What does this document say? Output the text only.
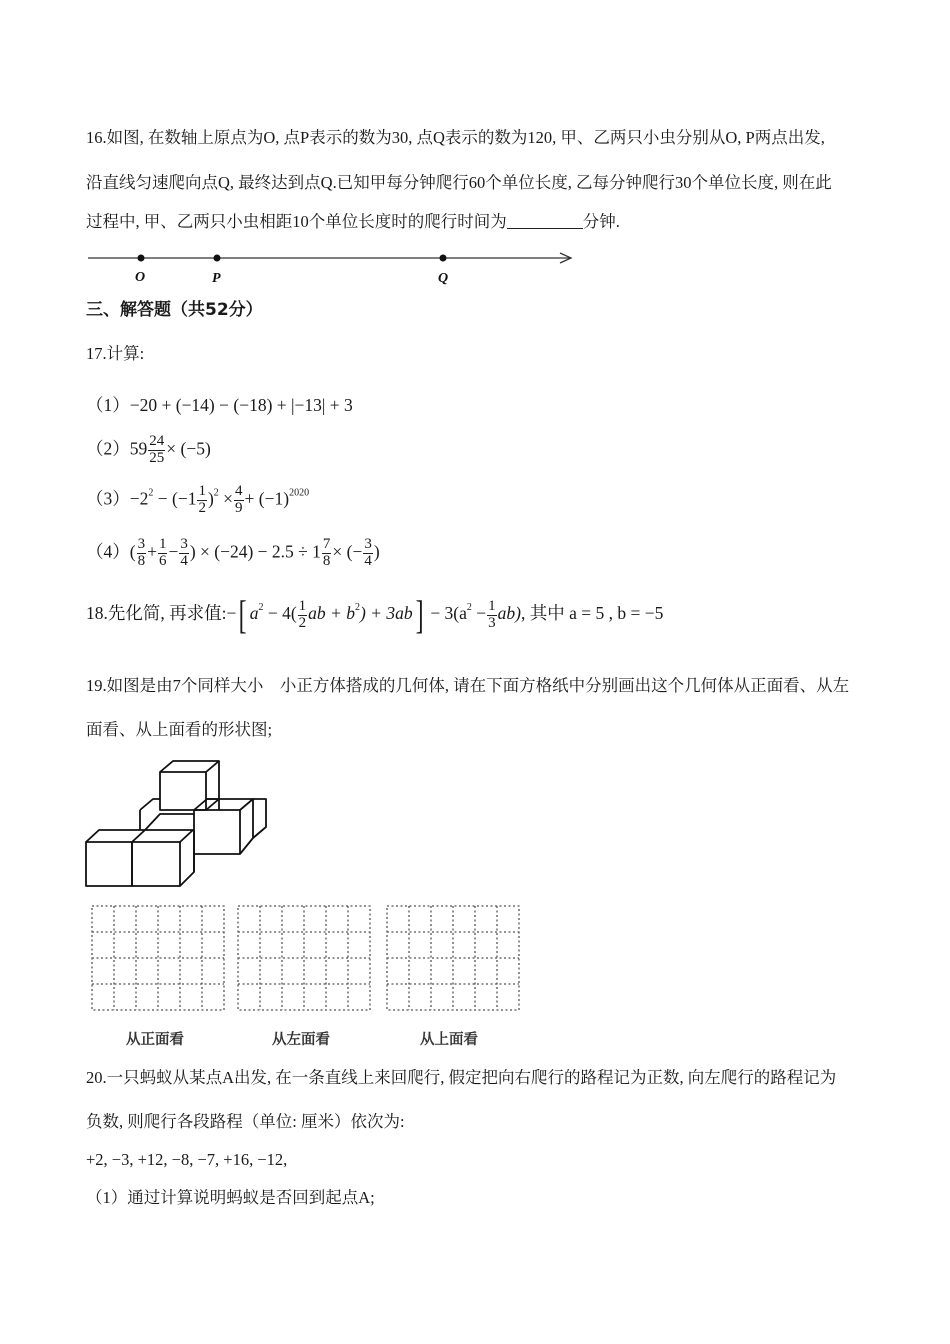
16.如图, 在数轴上原点为O, 点P表示的数为30, 点Q表示的数为120, 甲、乙两只小虫分别从O, P两点出发,
沿直线匀速爬向点Q, 最终达到点Q.已知甲每分钟爬行60个单位长度, 乙每分钟爬行30个单位长度, 则在此
过程中, 甲、乙两只小虫相距10个单位长度时的爬行时间为	分钟.
O	P	Q
三、解答题（共52分）
17.计算:
（1）−20 + (−14) − (−18) + |−13| + 3
$(2)59 \frac{24}{25} \times (-5)$
$(3)-2^2 - (-1 \frac{1}{2} )^2 \times \frac{4}{9} + (-1)^{2020}$
$(4)( \frac{3}{8} + \frac{1}{6} - \frac{3}{4}$ ) × $(-24) - 2.5 \div 1 \frac{7}{8}$ × (− $\frac{3}{4}$ )
18.先化简, 再求值:−[ $a^2 - 4( \frac{1}{2}$ ab + $b^2) + 3ab] - 3(a^2 - \frac{1}{3} ab)$, 其中 a = 5 , b = −5
19.如图是由7个同样大小　小正方体搭成的几何体, 请在下面方格纸中分别画出这个几何体从正面看、从左
面看、从上面看的形状图;
从正面看	从左面看	从上面看
20.一只蚂蚁从某点A出发, 在一条直线上来回爬行, 假定把向右爬行的路程记为正数, 向左爬行的路程记为
负数, 则爬行各段路程（单位: 厘米）依次为:
+2, −3, +12, −8, −7, +16, −12,
（1）通过计算说明蚂蚁是否回到起点A;
